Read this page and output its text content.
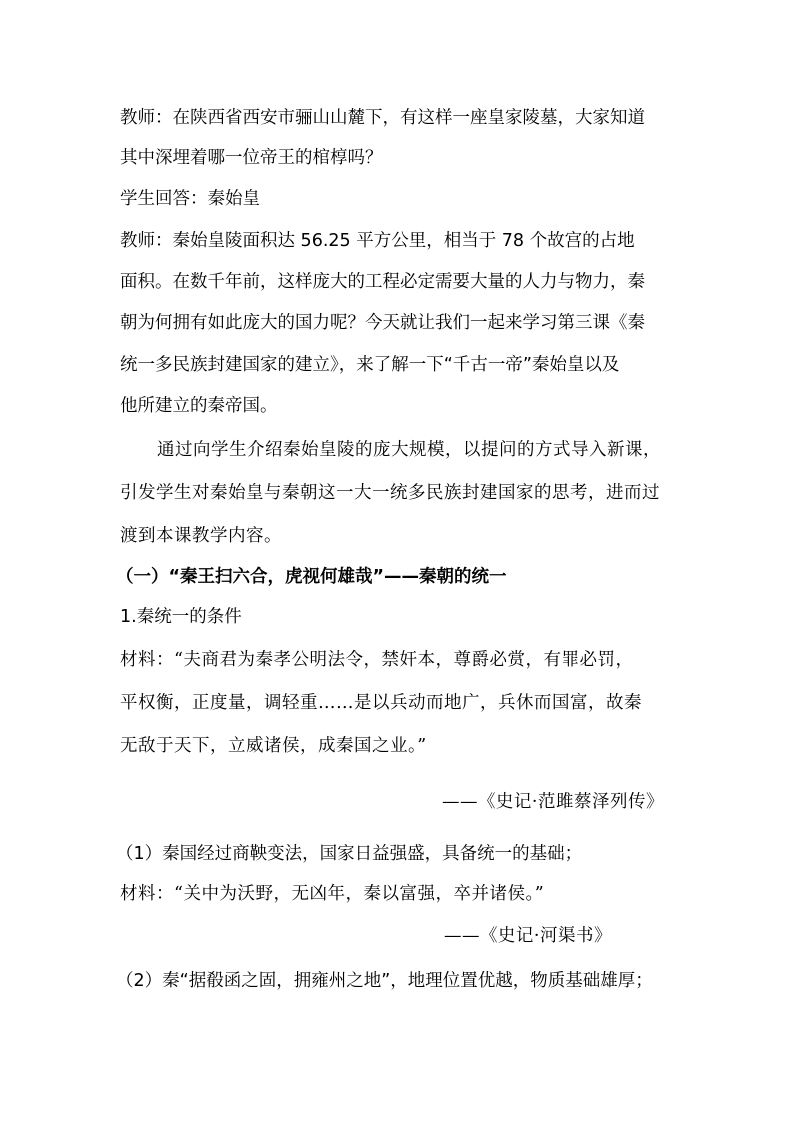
教师：在陕西省西安市骊山山麓下，有这样一座皇家陵墓，大家知道
其中深埋着哪一位帝王的棺椁吗？
学生回答：秦始皇
教师：秦始皇陵面积达 56.25 平方公里，相当于 78 个故宫的占地
面积。在数千年前，这样庞大的工程必定需要大量的人力与物力，秦
朝为何拥有如此庞大的国力呢？今天就让我们一起来学习第三课《秦
统一多民族封建国家的建立》，来了解一下“千古一帝”秦始皇以及
他所建立的秦帝国。
通过向学生介绍秦始皇陵的庞大规模，以提问的方式导入新课，
引发学生对秦始皇与秦朝这一大一统多民族封建国家的思考，进而过
渡到本课教学内容。
（一）“秦王扫六合，虎视何雄哉”——秦朝的统一
1.秦统一的条件
材料：“夫商君为秦孝公明法令，禁奸本，尊爵必赏，有罪必罚，
平权衡，正度量，调轻重……是以兵动而地广，兵休而国富，故秦
无敌于天下，立威诸侯，成秦国之业。”
——《史记·范雎蔡泽列传》
（1）秦国经过商鞅变法，国家日益强盛，具备统一的基础；
材料：“关中为沃野，无凶年，秦以富强，卒并诸侯。”
——《史记·河渠书》
（2）秦“据殽函之固，拥雍州之地”，地理位置优越，物质基础雄厚；
